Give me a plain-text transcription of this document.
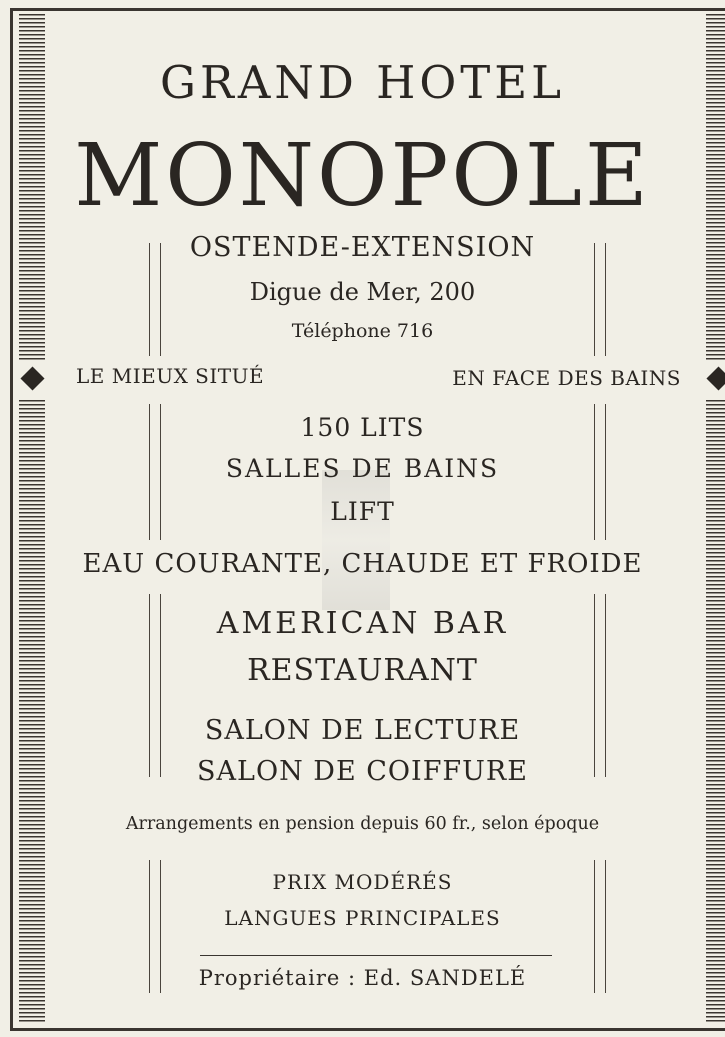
GRAND HOTEL
MONOPOLE
OSTENDE-EXTENSION
Digue de Mer, 200
Téléphone 716
LE MIEUX SITUÉ	EN FACE DES BAINS
150 LITS
SALLES DE BAINS
LIFT
EAU COURANTE, CHAUDE ET FROIDE
AMERICAN BAR
RESTAURANT
SALON DE LECTURE
SALON DE COIFFURE
Arrangements en pension depuis 60 fr., selon époque
PRIX MODÉRÉS
LANGUES PRINCIPALES
Propriétaire : Ed. SANDELÉ
